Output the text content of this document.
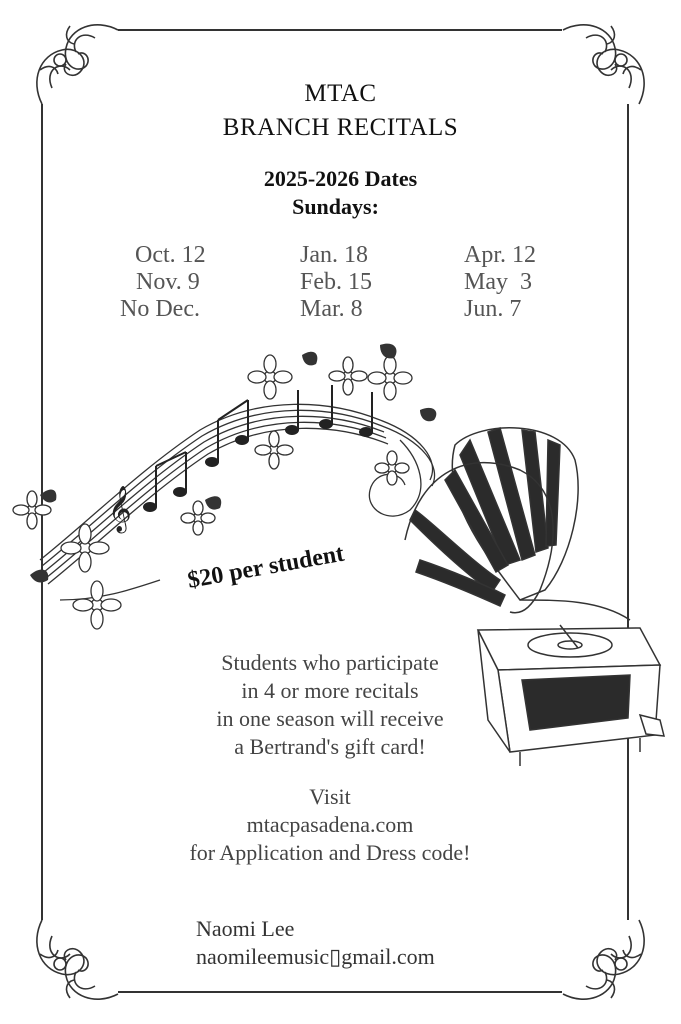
𝄞
MTAC
BRANCH RECITALS
2025-2026 Dates
Sundays:
Oct. 12
Nov. 9
No Dec.
Jan. 18
Feb. 15
Mar. 8
Apr. 12
May  3
Jun. 7
$20 per student
Students who participate
in 4 or more recitals
in one season will receive
a Bertrand's gift card!
Visit
mtacpasadena.com
for Application and Dress code!
Naomi Lee
naomileemusic▯gmail.com
